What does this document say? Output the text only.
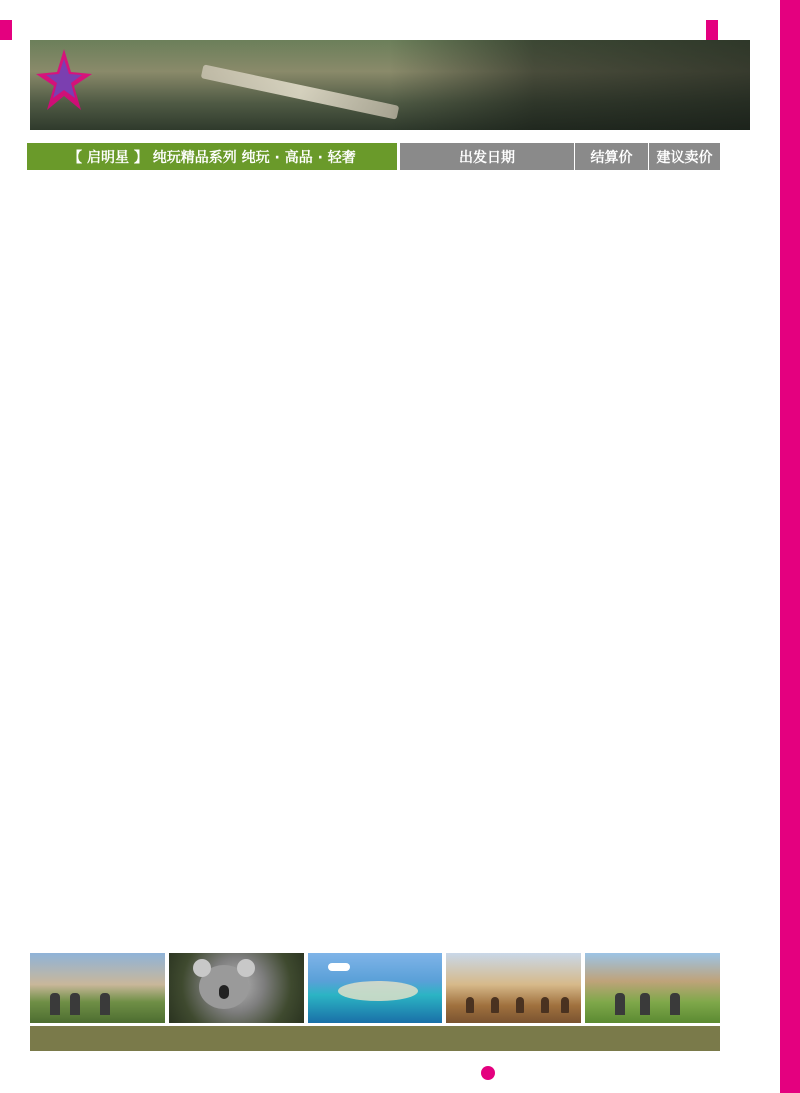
【 启明星 】 纯玩精品系列 纯玩 · 高品 · 轻奢	出发日期	结算价	建议卖价
